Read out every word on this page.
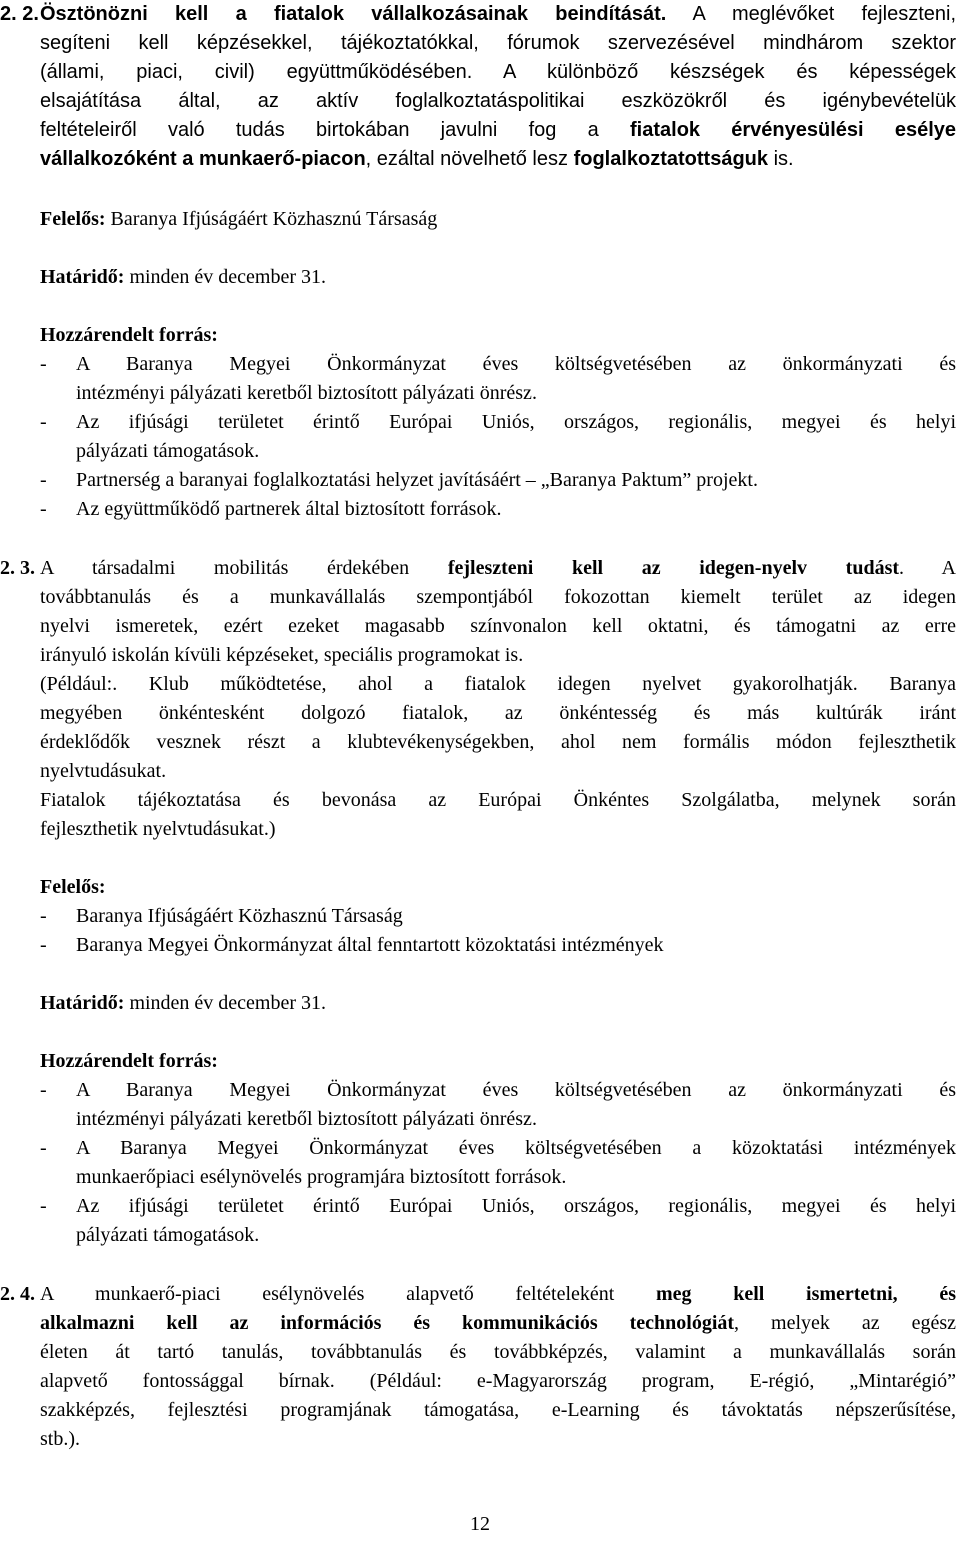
2. 2. Ösztönözni kell a fiatalok vállalkozásainak beindítását. A meglévőket fejleszteni,
segíteni kell képzésekkel, tájékoztatókkal, fórumok szervezésével mindhárom szektor
(állami, piaci, civil) együttműködésében. A különböző készségek és képességek
elsajátítása által, az aktív foglalkoztatáspolitikai eszközökről és igénybevételük
feltételeiről való tudás birtokában javulni fog a fiatalok érvényesülési esélye
vállalkozóként a munkaerő-piacon, ezáltal növelhető lesz foglalkoztatottságuk is.
Felelős: Baranya Ifjúságáért Közhasznú Társaság
Határidő: minden év december 31.
Hozzárendelt forrás:
- A Baranya Megyei Önkormányzat éves költségvetésében az önkormányzati és
intézményi pályázati keretből biztosított pályázati önrész.
- Az ifjúsági területet érintő Európai Uniós, országos, regionális, megyei és helyi
pályázati támogatások.
- Partnerség a baranyai foglalkoztatási helyzet javításáért – „Baranya Paktum” projekt.
- Az együttműködő partnerek által biztosított források.
2. 3. A társadalmi mobilitás érdekében fejleszteni kell az idegen-nyelv tudást. A
továbbtanulás és a munkavállalás szempontjából fokozottan kiemelt terület az idegen
nyelvi ismeretek, ezért ezeket magasabb színvonalon kell oktatni, és támogatni az erre
irányuló iskolán kívüli képzéseket, speciális programokat is.
(Például:. Klub működtetése, ahol a fiatalok idegen nyelvet gyakorolhatják. Baranya
megyében önkéntesként dolgozó fiatalok, az önkéntesség és más kultúrák iránt
érdeklődők vesznek részt a klubtevékenységekben, ahol nem formális módon fejleszthetik
nyelvtudásukat.
Fiatalok tájékoztatása és bevonása az Európai Önkéntes Szolgálatba, melynek során
fejleszthetik nyelvtudásukat.)
Felelős:
- Baranya Ifjúságáért Közhasznú Társaság
- Baranya Megyei Önkormányzat által fenntartott közoktatási intézmények
Határidő: minden év december 31.
Hozzárendelt forrás:
- A Baranya Megyei Önkormányzat éves költségvetésében az önkormányzati és
intézményi pályázati keretből biztosított pályázati önrész.
- A Baranya Megyei Önkormányzat éves költségvetésében a közoktatási intézmények
munkaerőpiaci esélynövelés programjára biztosított források.
- Az ifjúsági területet érintő Európai Uniós, országos, regionális, megyei és helyi
pályázati támogatások.
2. 4. A munkaerő-piaci esélynövelés alapvető feltételeként meg kell ismertetni, és
alkalmazni kell az információs és kommunikációs technológiát, melyek az egész
életen át tartó tanulás, továbbtanulás és továbbképzés, valamint a munkavállalás során
alapvető fontossággal bírnak. (Például: e-Magyarország program, E-régió, „Mintarégió”
szakképzés, fejlesztési programjának támogatása, e-Learning és távoktatás népszerűsítése,
stb.).
12
